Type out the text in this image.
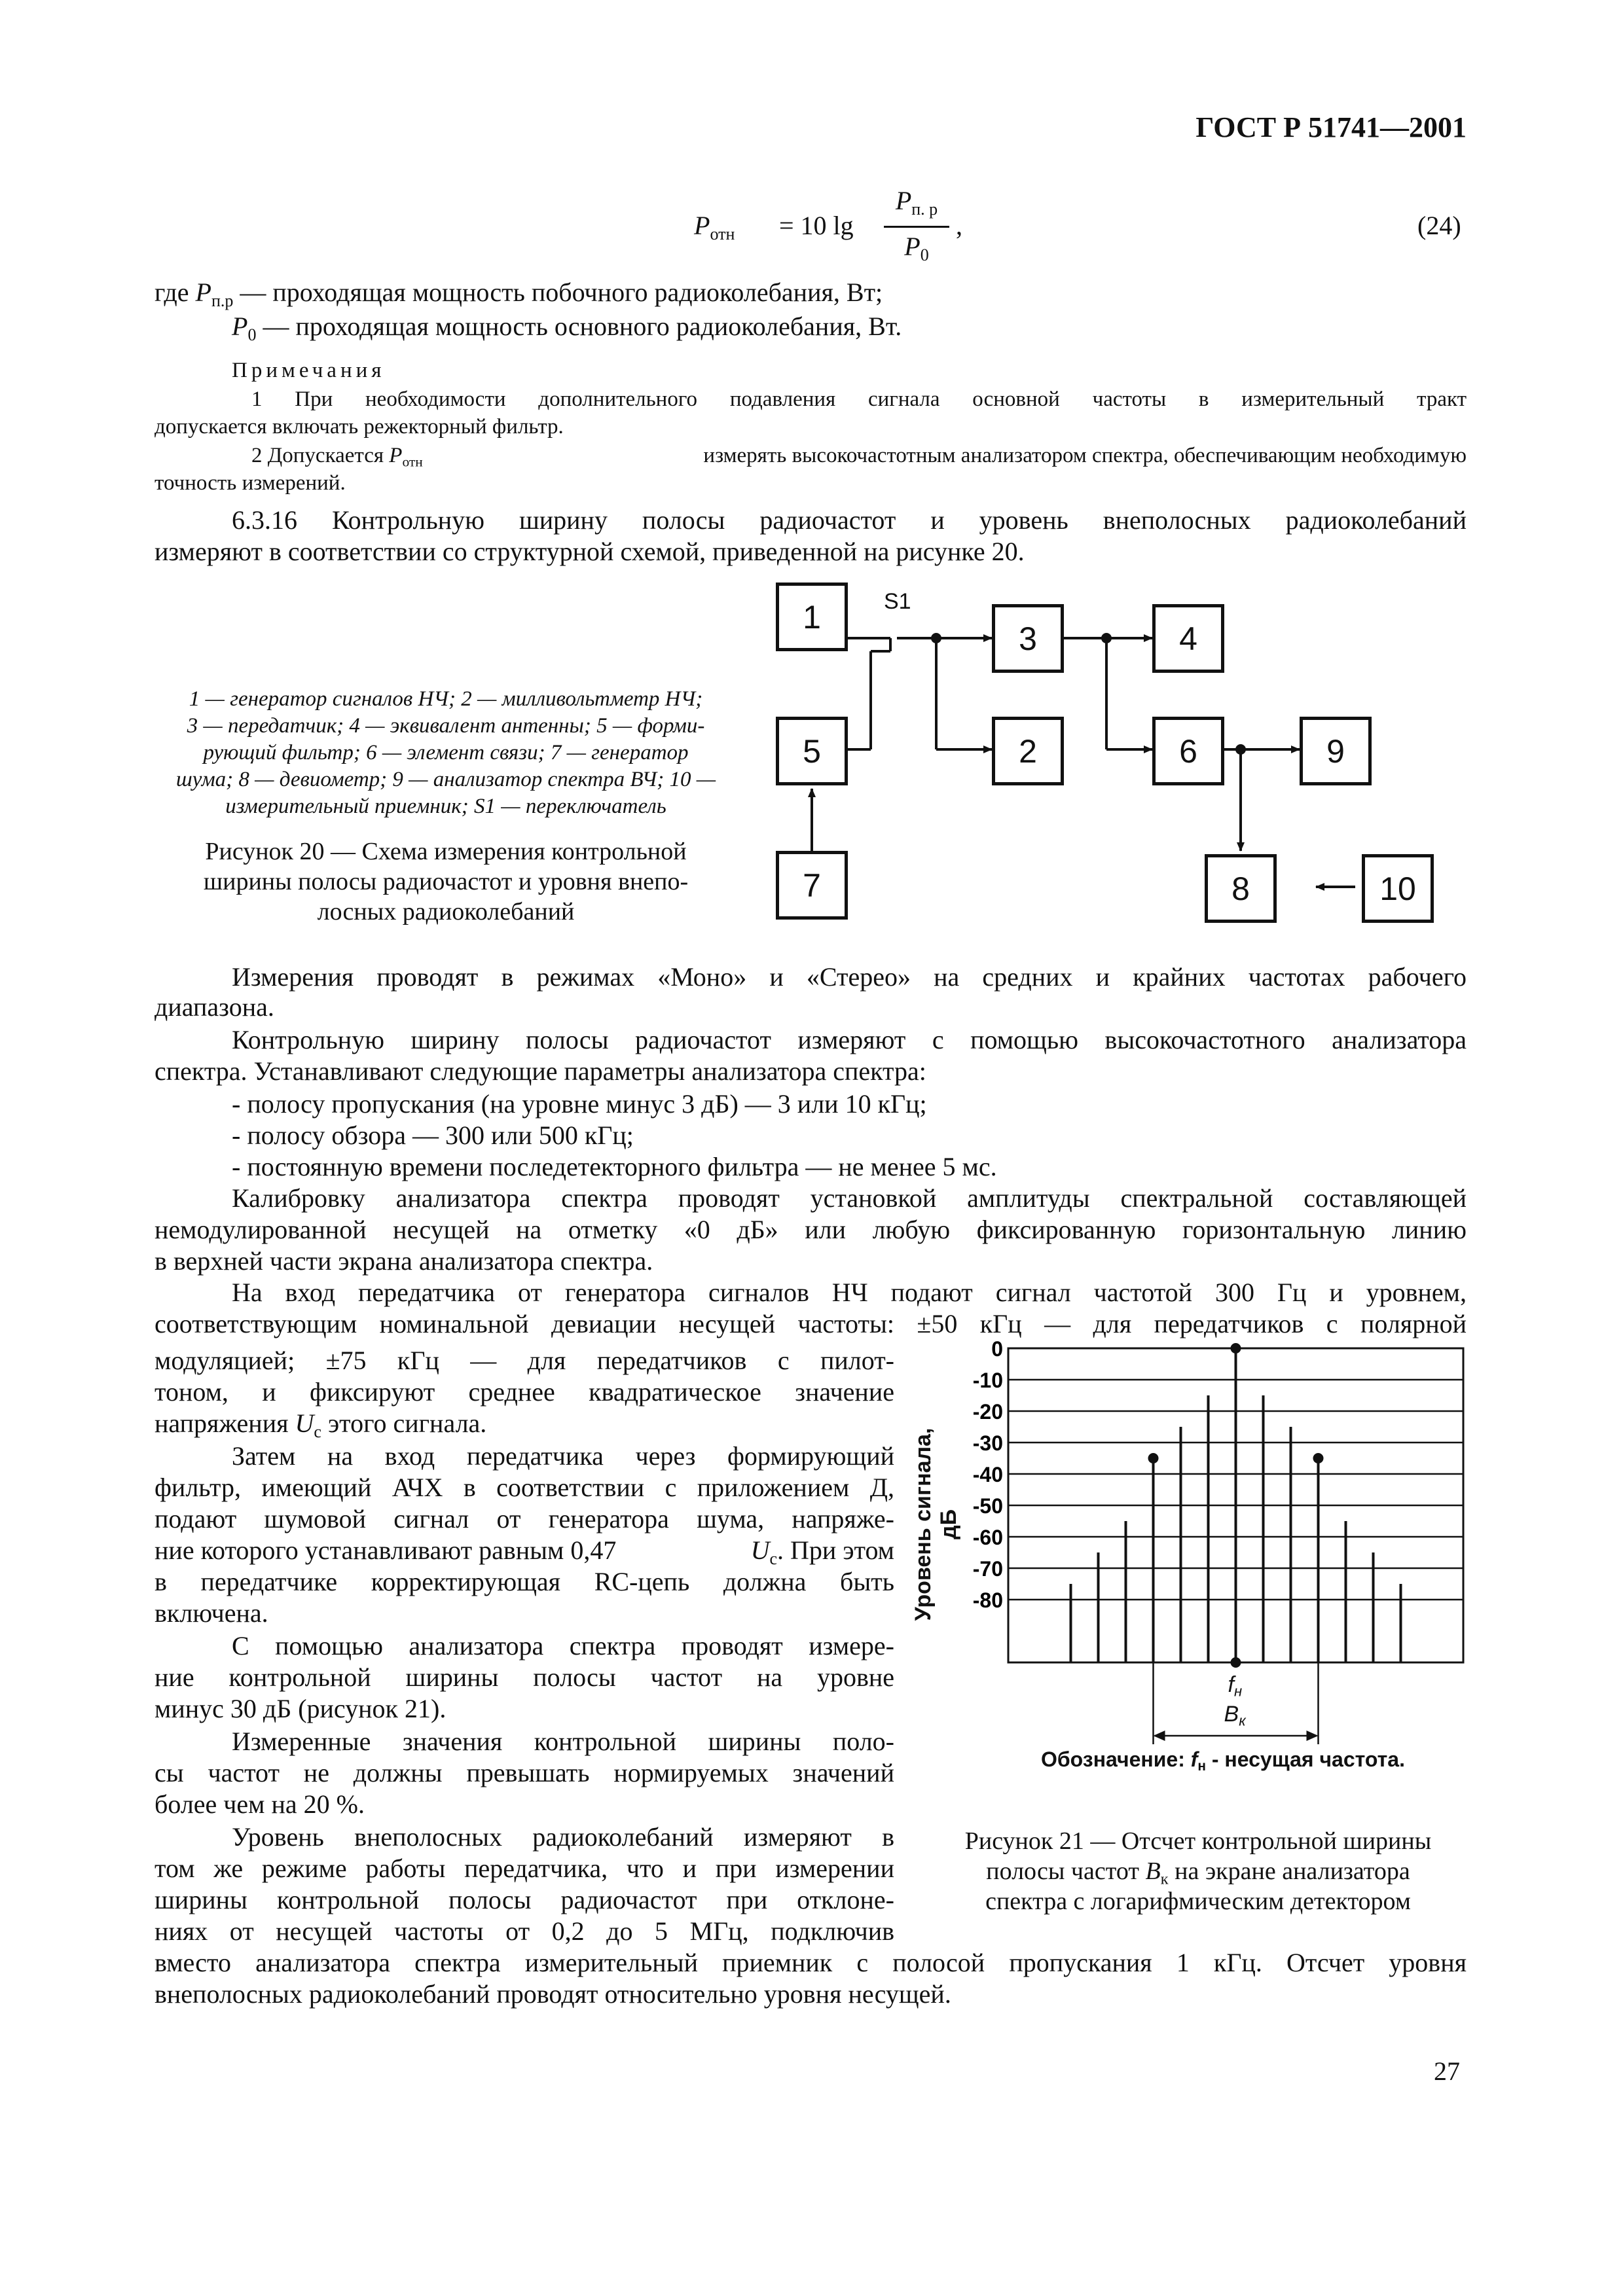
ГОСТ Р 51741—2001
$P_{отн} = 10$ lg
$P_{п. р}$
$P_0$
,	(24)
где $P_{п.р}$ — проходящая мощность побочного радиоколебания, Вт;
$P_0$ — проходящая мощность основного радиоколебания, Вт.
Примечания
1 При необходимости дополнительного подавления сигнала основной частоты в измерительный тракт
допускается включать режекторный фильтр.
2 Допускается $P_{отн}$	измерять высокочастотным анализатором спектра, обеспечивающим необходимую
точность измерений.
6.3.16 Контрольную ширину полосы радиочастот и уровень внеполосных радиоколебаний
измеряют в соответствии со структурной схемой, приведенной на рисунке 20.
1 — генератор сигналов НЧ; 2 — милливольтметр НЧ;
3 — передатчик; 4 — эквивалент антенны; 5 — форми-
рующий фильтр; 6 — элемент связи; 7 — генератор
шума; 8 — девиометр; 9 — анализатор спектра ВЧ; 10 —
измерительный приемник; S1 — переключатель
Рисунок 20 — Схема измерения контрольной
ширины полосы радиочастот и уровня внепо-
лосных радиоколебаний
1
2
3	4
5	6
7	8
9
10
S1
Измерения проводят в режимах «Моно» и «Стерео» на средних и крайних частотах рабочего
диапазона.
Контрольную ширину полосы радиочастот измеряют с помощью высокочастотного анализатора
спектра. Устанавливают следующие параметры анализатора спектра:
- полосу пропускания (на уровне минус 3 дБ) — 3 или 10 кГц;
- полосу обзора — 300 или 500 кГц;
- постоянную времени последетекторного фильтра — не менее 5 мс.
Калибровку анализатора спектра проводят установкой амплитуды спектральной составляющей
немодулированной несущей на отметку «0 дБ» или любую фиксированную горизонтальную линию
в верхней части экрана анализатора спектра.
На вход передатчика от генератора сигналов НЧ подают сигнал частотой 300 Гц и уровнем,
соответствующим номинальной девиации несущей частоты: ±50 кГц — для передатчиков с полярной
модуляцией; ±75 кГц — для передатчиков с пилот-
тоном, и фиксируют среднее квадратическое значение
напряжения $U_с$ этого сигнала.
Затем на вход передатчика через формирующий
фильтр, имеющий АЧХ в соответствии с приложением Д,
подают шумовой сигнал от генератора шума, напряже-
ние которого устанавливают равным 0,47	$U_с$. При этом
в передатчике корректирующая RC-цепь должна быть
включена.
С помощью анализатора спектра проводят измере-
ние контрольной ширины полосы частот на уровне
минус 30 дБ (рисунок 21).
Измеренные значения контрольной ширины поло-
сы частот не должны превышать нормируемых значений
более чем на 20 %.
Уровень внеполосных радиоколебаний измеряют в
том же режиме работы передатчика, что и при измерении
ширины контрольной полосы радиочастот при отклоне-
ниях от несущей частоты от 0,2 до 5 МГц, подключив
вместо анализатора спектра измерительный приемник с полосой пропускания 1 кГц. Отсчет уровня
внеполосных радиоколебаний проводят относительно уровня несущей.
Уровень сигнала, дБ
0
-10
-20
-30
-40
-50
-60
-70
-80
$f_н$
$B_к$
Обозначение: $f_н$ - несущая частота.
Рисунок 21 — Отсчет контрольной ширины
полосы частот $B_к$ на экране анализатора
спектра с логарифмическим детектором
27
